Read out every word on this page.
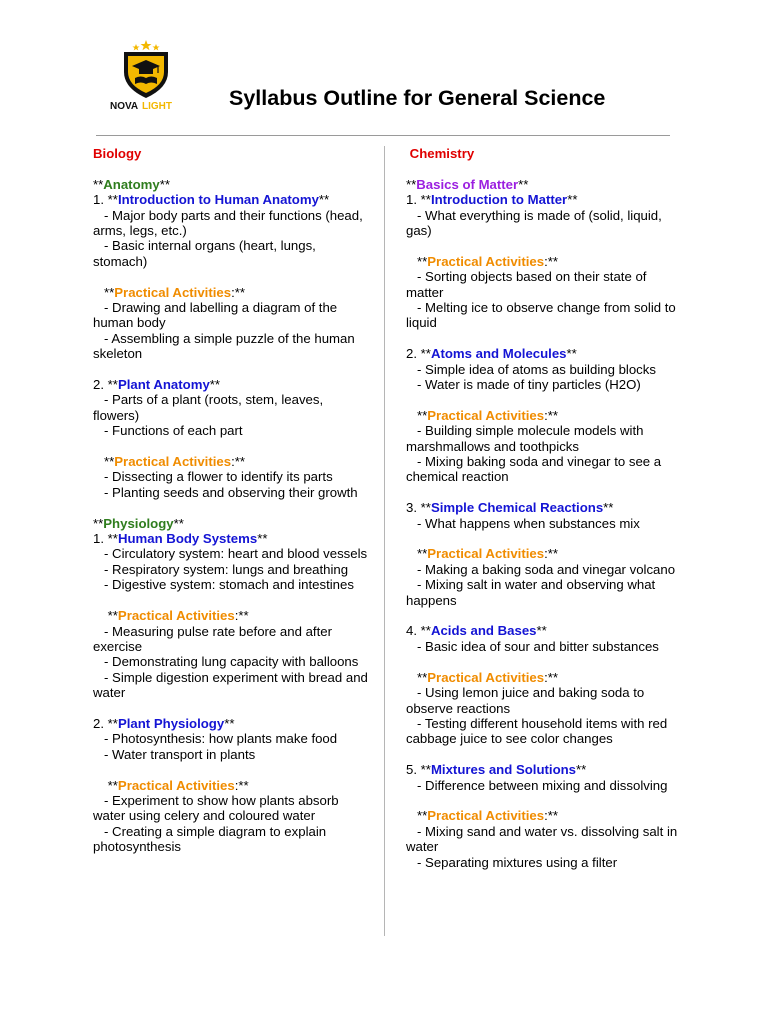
NOVA LIGHT	Syllabus Outline for General Science
Biology
**Anatomy**
1. **Introduction to Human Anatomy**
- Major body parts and their functions (head, arms, legs, etc.)
- Basic internal organs (heart, lungs, stomach)
**Practical Activities:**
- Drawing and labelling a diagram of the human body
- Assembling a simple puzzle of the human skeleton
2. **Plant Anatomy**
- Parts of a plant (roots, stem, leaves, flowers)
- Functions of each part
**Practical Activities:**
- Dissecting a flower to identify its parts
- Planting seeds and observing their growth
**Physiology**
1. **Human Body Systems**
- Circulatory system: heart and blood vessels
- Respiratory system: lungs and breathing
- Digestive system: stomach and intestines
**Practical Activities:**
- Measuring pulse rate before and after exercise
- Demonstrating lung capacity with balloons
- Simple digestion experiment with bread and water
2. **Plant Physiology**
- Photosynthesis: how plants make food
- Water transport in plants
**Practical Activities:**
- Experiment to show how plants absorb water using celery and coloured water
- Creating a simple diagram to explain photosynthesis
Chemistry
**Basics of Matter**
1. **Introduction to Matter**
- What everything is made of (solid, liquid, gas)
**Practical Activities:**
- Sorting objects based on their state of matter
- Melting ice to observe change from solid to liquid
2. **Atoms and Molecules**
- Simple idea of atoms as building blocks
- Water is made of tiny particles (H2O)
**Practical Activities:**
- Building simple molecule models with marshmallows and toothpicks
- Mixing baking soda and vinegar to see a chemical reaction
3. **Simple Chemical Reactions**
- What happens when substances mix
**Practical Activities:**
- Making a baking soda and vinegar volcano
- Mixing salt in water and observing what happens
4. **Acids and Bases**
- Basic idea of sour and bitter substances
**Practical Activities:**
- Using lemon juice and baking soda to observe reactions
- Testing different household items with red cabbage juice to see color changes
5. **Mixtures and Solutions**
- Difference between mixing and dissolving
**Practical Activities:**
- Mixing sand and water vs. dissolving salt in water
- Separating mixtures using a filter
